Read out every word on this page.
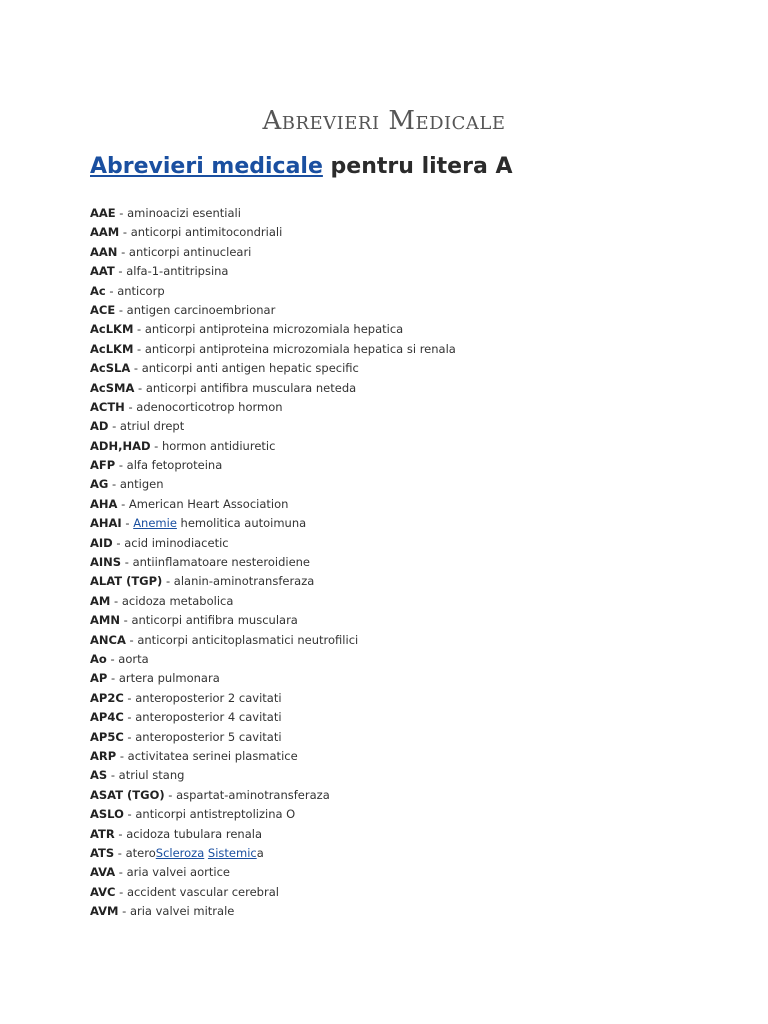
Abrevieri Medicale
Abrevieri medicale pentru litera A
AAE - aminoacizi esentiali
AAM - anticorpi antimitocondriali
AAN - anticorpi antinucleari
AAT - alfa-1-antitripsina
Ac - anticorp
ACE - antigen carcinoembrionar
AcLKM - anticorpi antiproteina microzomiala hepatica
AcLKM - anticorpi antiproteina microzomiala hepatica si renala
AcSLA - anticorpi anti antigen hepatic specific
AcSMA - anticorpi antifibra musculara neteda
ACTH - adenocorticotrop hormon
AD - atriul drept
ADH,HAD - hormon antidiuretic
AFP - alfa fetoproteina
AG - antigen
AHA - American Heart Association
AHAI - Anemie hemolitica autoimuna
AID - acid iminodiacetic
AINS - antiinflamatoare nesteroidiene
ALAT (TGP) - alanin-aminotransferaza
AM - acidoza metabolica
AMN - anticorpi antifibra musculara
ANCA - anticorpi anticitoplasmatici neutrofilici
Ao - aorta
AP - artera pulmonara
AP2C - anteroposterior 2 cavitati
AP4C - anteroposterior 4 cavitati
AP5C - anteroposterior 5 cavitati
ARP - activitatea serinei plasmatice
AS - atriul stang
ASAT (TGO) - aspartat-aminotransferaza
ASLO - anticorpi antistreptolizina O
ATR - acidoza tubulara renala
ATS - ateroScleroza Sistemica
AVA - aria valvei aortice
AVC - accident vascular cerebral
AVM - aria valvei mitrale
